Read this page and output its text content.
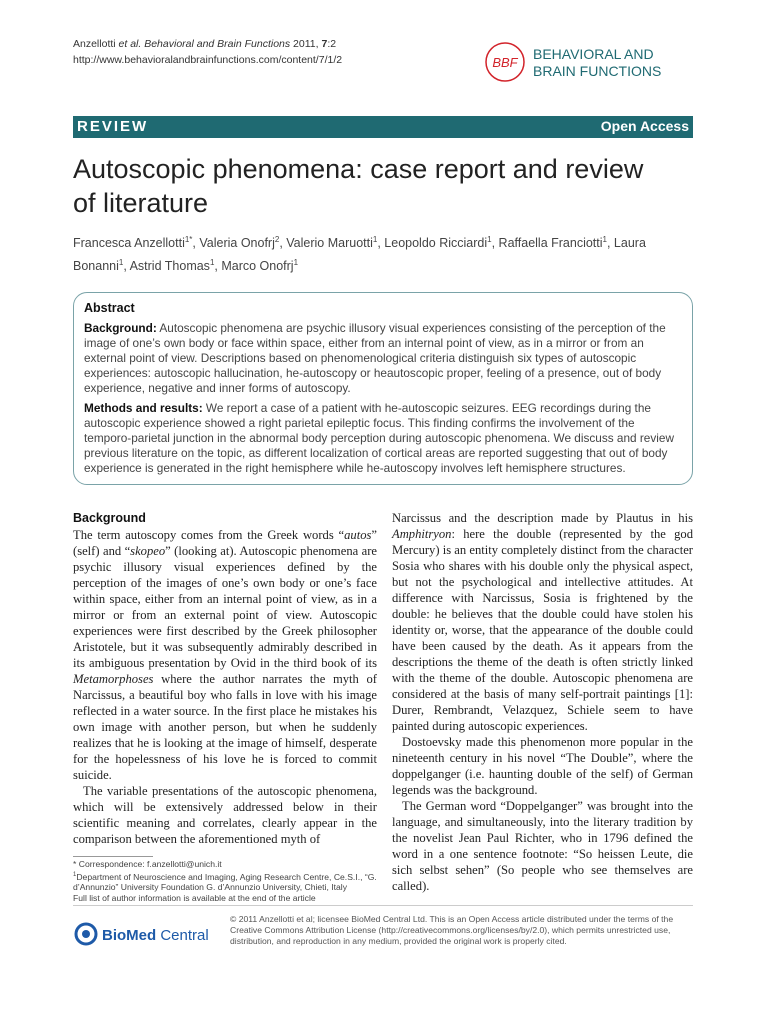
Anzellotti et al. Behavioral and Brain Functions 2011, 7:2
http://www.behavioralandbrainfunctions.com/content/7/1/2	BBF
BEHAVIORAL AND
BRAIN FUNCTIONS
REVIEW	Open Access
Autoscopic phenomena: case report and review
of literature
Francesca Anzellotti$^{1*}$, Valeria Onofrj$^2$, Valerio Maruotti$^1$, Leopoldo Ricciardi$^1$, Raffaella Franciotti$^1$, Laura Bonanni$^1$, Astrid Thomas$^1$, Marco Onofrj$^1$
Abstract

Background: Autoscopic phenomena are psychic illusory visual experiences consisting of the perception of the image of one’s own body or face within space, either from an internal point of view, as in a mirror or from an external point of view. Descriptions based on phenomenological criteria distinguish six types of autoscopic experiences: autoscopic hallucination, he-autoscopy or heautoscopic proper, feeling of a presence, out of body experience, negative and inner forms of autoscopy.

Methods and results: We report a case of a patient with he-autoscopic seizures. EEG recordings during the autoscopic experience showed a right parietal epileptic focus. This finding confirms the involvement of the temporo-parietal junction in the abnormal body perception during autoscopic phenomena. We discuss and review previous literature on the topic, as different localization of cortical areas are reported suggesting that out of body experience is generated in the right hemisphere while he-autoscopy involves left hemisphere structures.

Background

The term autoscopy comes from the Greek words “autos” (self) and “skopeo” (looking at). Autoscopic phenomena are psychic illusory visual experiences defined by the perception of the images of one’s own body or one’s face within space, either from an internal point of view, as in a mirror or from an external point of view. Autoscopic experiences were first described by the Greek philosopher Aristotele, but it was subsequently admirably described in its ambiguous presentation by Ovid in the third book of its Metamorphoses where the author narrates the myth of Narcissus, a beautiful boy who falls in love with his image reflected in a water source. In the first place he mistakes his own image with another person, but when he suddenly realizes that he is looking at the image of himself, desperate for the hopelessness of his love he is forced to commit suicide.

The variable presentations of the autoscopic phenomena, which will be extensively addressed below in their scientific meaning and correlates, clearly appear in the comparison between the aforementioned myth of

Narcissus and the description made by Plautus in his Amphitryon: here the double (represented by the god Mercury) is an entity completely distinct from the character Sosia who shares with his double only the physical aspect, but not the psychological and intellective attitudes. At difference with Narcissus, Sosia is frightened by the double: he believes that the double could have stolen his identity or, worse, that the appearance of the double could have been caused by the death. As it appears from the descriptions the theme of the death is often strictly linked with the theme of the double. Autoscopic phenomena are considered at the basis of many self-portrait paintings [1]: Durer, Rembrandt, Velazquez, Schiele seem to have painted during autoscopic experiences.

Dostoevsky made this phenomenon more popular in the nineteenth century in his novel “The Double”, where the doppelganger (i.e. haunting double of the self) of German legends was the background.

The German word “Doppelganger” was brought into the language, and simultaneously, into the literary tradition by the novelist Jean Paul Richter, who in 1796 defined the word in a one sentence footnote: “So heissen Leute, die sich selbst sehen” (So people who see themselves are called).

* Correspondence: f.anzellotti@unich.it
$^1$Department of Neuroscience and Imaging, Aging Research Centre, Ce.S.I., “G. d’Annunzio” University Foundation G. d’Annunzio University, Chieti, Italy
Full list of author information is available at the end of the article
BioMed Central
© 2011 Anzellotti et al; licensee BioMed Central Ltd. This is an Open Access article distributed under the terms of the Creative Commons Attribution License (http://creativecommons.org/licenses/by/2.0), which permits unrestricted use, distribution, and reproduction in any medium, provided the original work is properly cited.
